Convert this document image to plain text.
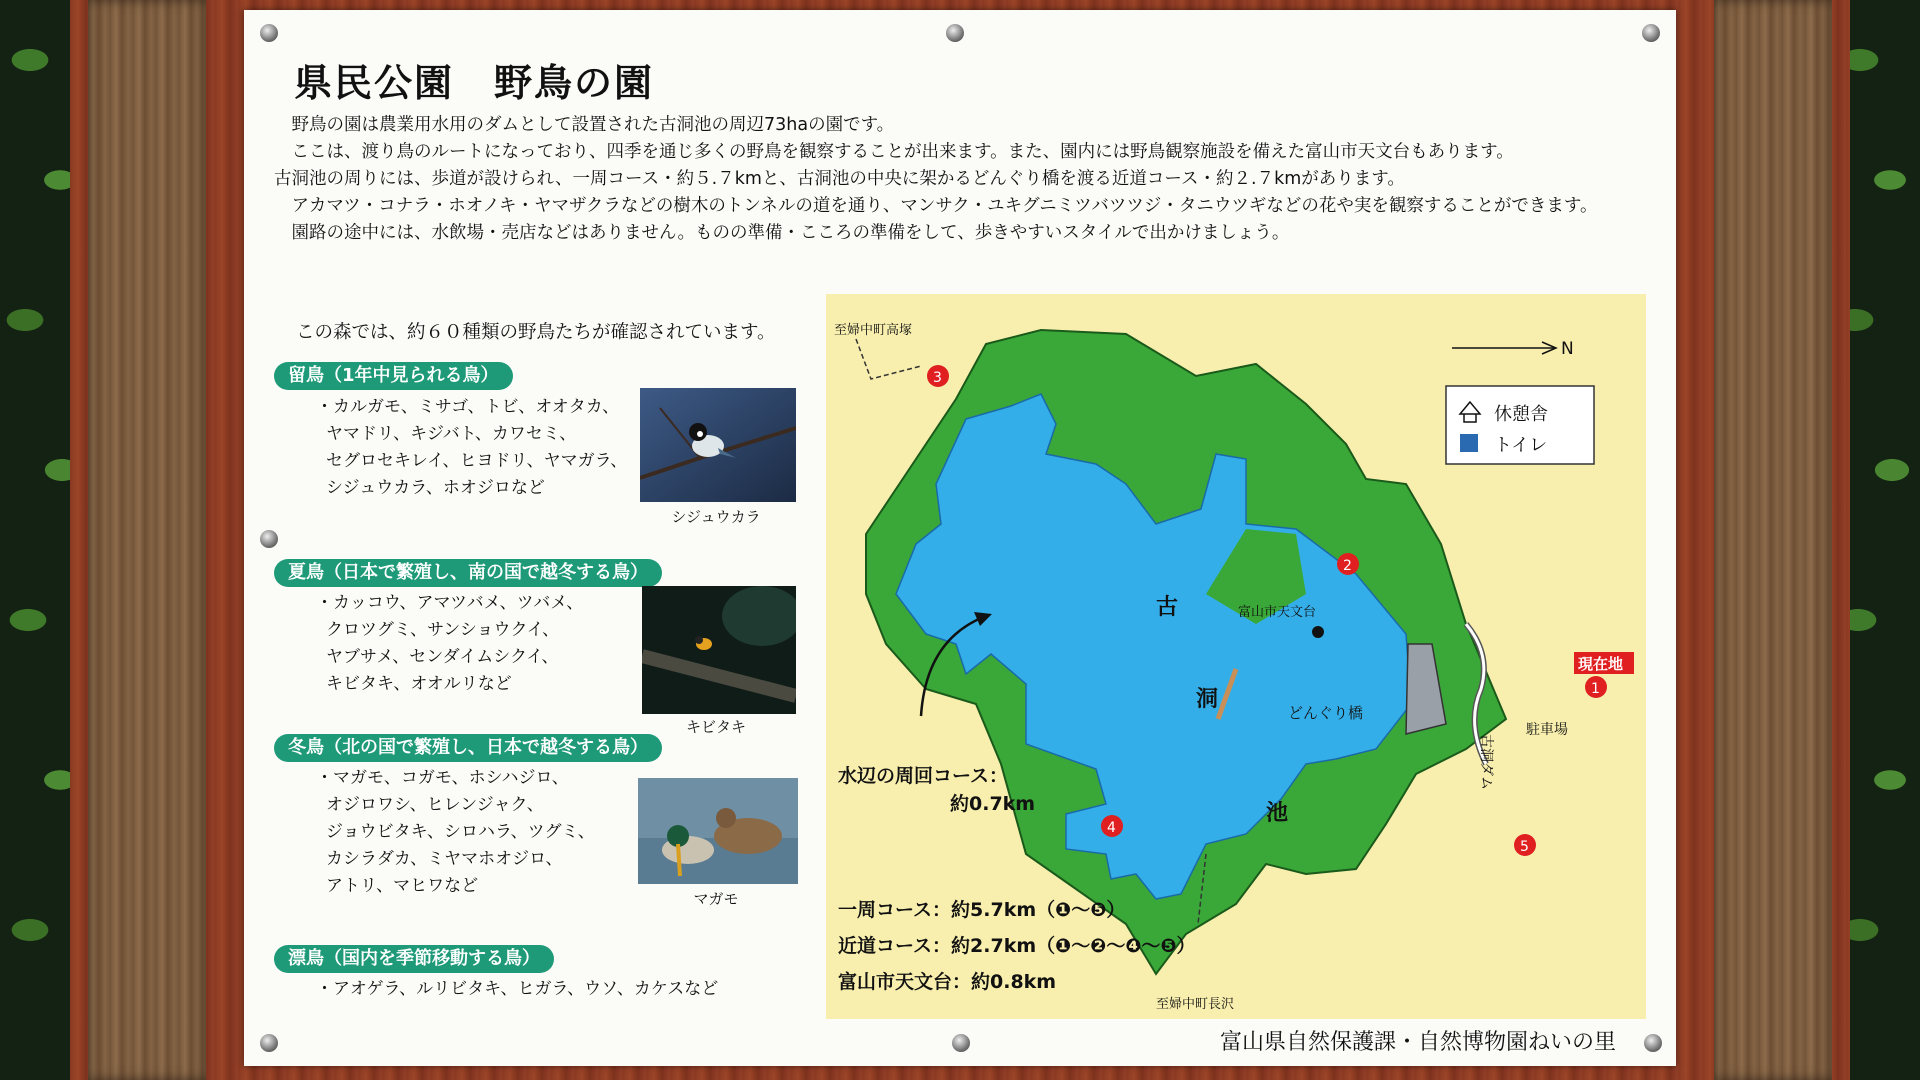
県民公園　野鳥の園

野鳥の園は農業用水用のダムとして設置された古洞池の周辺73haの園です。

ここは、渡り鳥のルートになっており、四季を通じ多くの野鳥を観察することが出来ます。また、園内には野鳥観察施設を備えた富山市天文台もあります。

古洞池の周りには、歩道が設けられ、一周コース・約５.７kmと、古洞池の中央に架かるどんぐり橋を渡る近道コース・約２.７kmがあります。

アカマツ・コナラ・ホオノキ・ヤマザクラなどの樹木のトンネルの道を通り、マンサク・ユキグニミツバツツジ・タニウツギなどの花や実を観察することができます。

園路の途中には、水飲場・売店などはありません。ものの準備・こころの準備をして、歩きやすいスタイルで出かけましょう。

この森では、約６０種類の野鳥たちが確認されています。
留鳥（1年中見られる鳥）
・カルガモ、ミサゴ、トビ、オオタカ、
ヤマドリ、キジバト、カワセミ、
セグロセキレイ、ヒヨドリ、ヤマガラ、
シジュウカラ、ホオジロなど
シジュウカラ
夏鳥（日本で繁殖し、南の国で越冬する鳥）
・カッコウ、アマツバメ、ツバメ、
クロツグミ、サンショウクイ、
ヤブサメ、センダイムシクイ、
キビタキ、オオルリなど
キビタキ
冬鳥（北の国で繁殖し、日本で越冬する鳥）
・マガモ、コガモ、ホシハジロ、
オジロワシ、ヒレンジャク、
ジョウビタキ、シロハラ、ツグミ、
カシラダカ、ミヤマホオジロ、
アトリ、マヒワなど
マガモ
漂鳥（国内を季節移動する鳥）
・アオゲラ、ルリビタキ、ヒガラ、ウソ、カケスなど
N
休憩舎
トイレ
至婦中町高塚
至婦中町長沢
古
洞
池
富山市天文台
どんぐり橋
駐車場
古洞ダム
現在地
1
2
3
4
5
水辺の周回コース：
約0.7km
一周コース：約5.7km（❶～❺）
近道コース：約2.7km（❶～❷～❹～❺）
富山市天文台：約0.8km
富山県自然保護課・自然博物園ねいの里
